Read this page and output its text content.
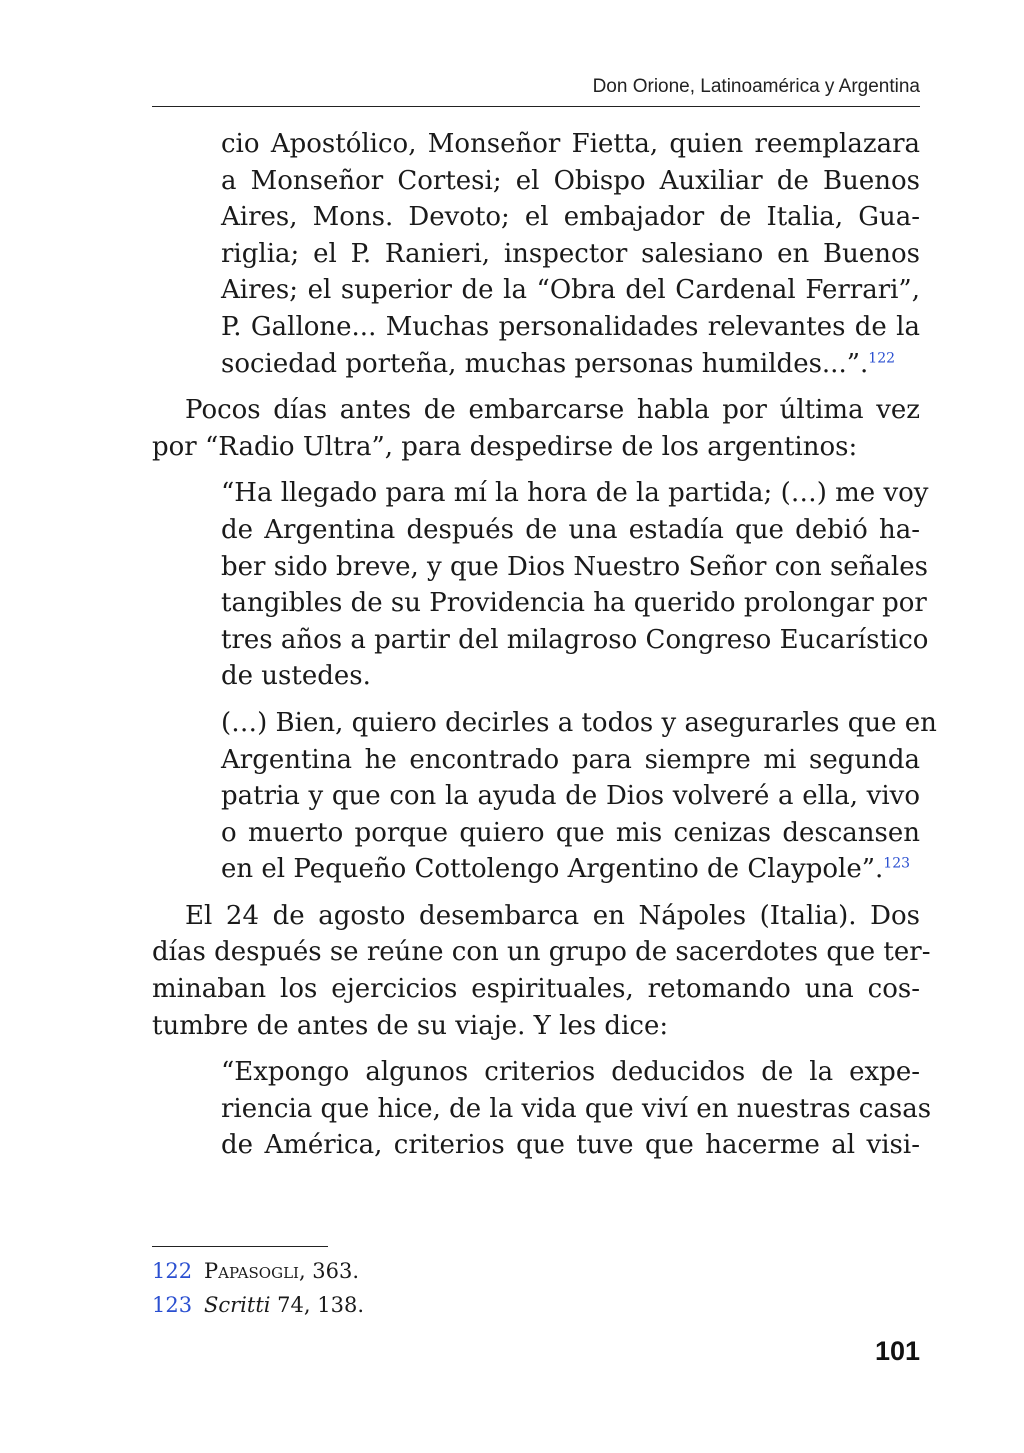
Don Orione, Latinoamérica y Argentina
cio Apostólico, Monseñor Fietta, quien reemplazara
a Monseñor Cortesi; el Obispo Auxiliar de Buenos
Aires, Mons. Devoto; el embajador de Italia, Gua-
riglia; el P. Ranieri, inspector salesiano en Buenos
Aires; el superior de la “Obra del Cardenal Ferrari”,
P. Gallone... Muchas personalidades relevantes de la
sociedad porteña, muchas personas humildes...”.$^{122}$
Pocos días antes de embarcarse habla por última vez
por “Radio Ultra”, para despedirse de los argentinos:
“Ha llegado para mí la hora de la partida; (…) me voy
de Argentina después de una estadía que debió ha-
ber sido breve, y que Dios Nuestro Señor con señales
tangibles de su Providencia ha querido prolongar por
tres años a partir del milagroso Congreso Eucarístico
de ustedes.
(…) Bien, quiero decirles a todos y asegurarles que en
Argentina he encontrado para siempre mi segunda
patria y que con la ayuda de Dios volveré a ella, vivo
o muerto porque quiero que mis cenizas descansen
en el Pequeño Cottolengo Argentino de Claypole”.$^{123}$
El 24 de agosto desembarca en Nápoles (Italia). Dos
días después se reúne con un grupo de sacerdotes que ter-
minaban los ejercicios espirituales, retomando una cos-
tumbre de antes de su viaje. Y les dice:
“Expongo algunos criterios deducidos de la expe-
riencia que hice, de la vida que viví en nuestras casas
de América, criterios que tuve que hacerme al visi-
122 Papasogli, 363.
123 Scritti 74, 138.
101
